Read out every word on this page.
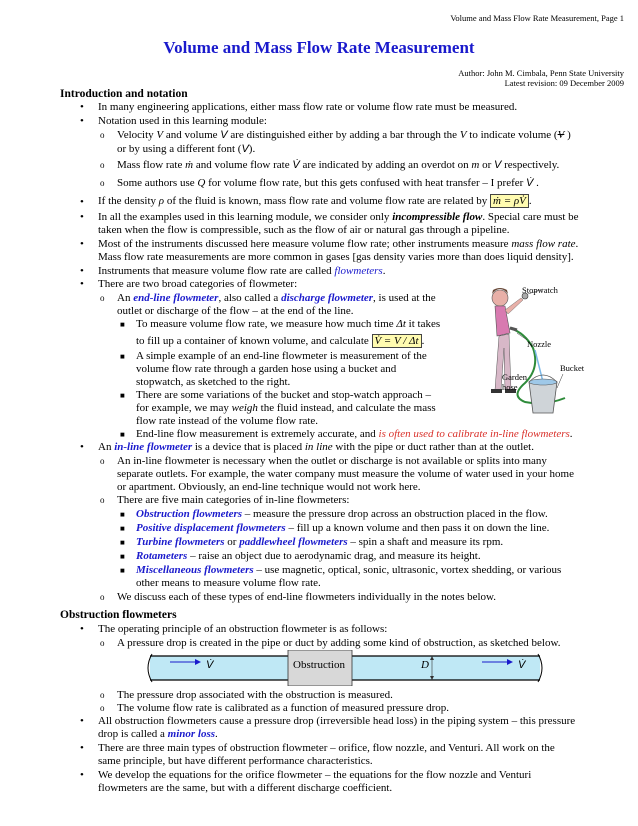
Volume and Mass Flow Rate Measurement, Page 1
Volume and Mass Flow Rate Measurement
Author: John M. Cimbala, Penn State University
Latest revision: 09 December 2009
Introduction and notation
• In many engineering applications, either mass flow rate or volume flow rate must be measured.
• Notation used in this learning module:
o Velocity V and volume V are distinguished either by adding a bar through the V to indicate volume (V )
or by using a different font (V).
o Mass flow rate ṁ and volume flow rate V̇ are indicated by adding an overdot on m or V respectively.
o Some authors use Q for volume flow rate, but this gets confused with heat transfer – I prefer V̇ .
• If the density ρ of the fluid is known, mass flow rate and volume flow rate are related by ṁ = ρV̇ .
• In all the examples used in this learning module, we consider only incompressible flow. Special care must be
taken when the flow is compressible, such as the flow of air or natural gas through a pipeline.
• Most of the instruments discussed here measure volume flow rate; other instruments measure mass flow rate.
Mass flow rate measurements are more common in gases [gas density varies more than does liquid density].
• Instruments that measure volume flow rate are called flowmeters.
• There are two broad categories of flowmeter:
o An end-line flowmeter, also called a discharge flowmeter, is used at the
outlet or discharge of the flow – at the end of the line.
■ To measure volume flow rate, we measure how much time Δt it takes
to fill up a container of known volume, and calculate V̇ = V / Δt .
■ A simple example of an end-line flowmeter is measurement of the
volume flow rate through a garden hose using a bucket and
stopwatch, as sketched to the right.
■ There are some variations of the bucket and stop-watch approach –
for example, we may weigh the fluid instead, and calculate the mass
flow rate instead of the volume flow rate.
■ End-line flow measurement is extremely accurate, and is often used to calibrate in-line flowmeters.
Stopwatch
Nozzle
Bucket
Garden
hose
• An in-line flowmeter is a device that is placed in line with the pipe or duct rather than at the outlet.
o An in-line flowmeter is necessary when the outlet or discharge is not available or splits into many
separate outlets. For example, the water company must measure the volume of water used in your home
or apartment. Obviously, an end-line technique would not work here.
o There are five main categories of in-line flowmeters:
■ Obstruction flowmeters – measure the pressure drop across an obstruction placed in the flow.
■ Positive displacement flowmeters – fill up a known volume and then pass it on down the line.
■ Turbine flowmeters or paddlewheel flowmeters – spin a shaft and measure its rpm.
■ Rotameters – raise an object due to aerodynamic drag, and measure its height.
■ Miscellaneous flowmeters – use magnetic, optical, sonic, ultrasonic, vortex shedding, or various
other means to measure volume flow rate.
o We discuss each of these types of end-line flowmeters individually in the notes below.
Obstruction flowmeters
• The operating principle of an obstruction flowmeter is as follows:
o A pressure drop is created in the pipe or duct by adding some kind of obstruction, as sketched below.
V̇	Obstruction	D	V̇
o The pressure drop associated with the obstruction is measured.
o The volume flow rate is calibrated as a function of measured pressure drop.
• All obstruction flowmeters cause a pressure drop (irreversible head loss) in the piping system – this pressure
drop is called a minor loss.
• There are three main types of obstruction flowmeter – orifice, flow nozzle, and Venturi. All work on the
same principle, but have different performance characteristics.
• We develop the equations for the orifice flowmeter – the equations for the flow nozzle and Venturi
flowmeters are the same, but with a different discharge coefficient.
